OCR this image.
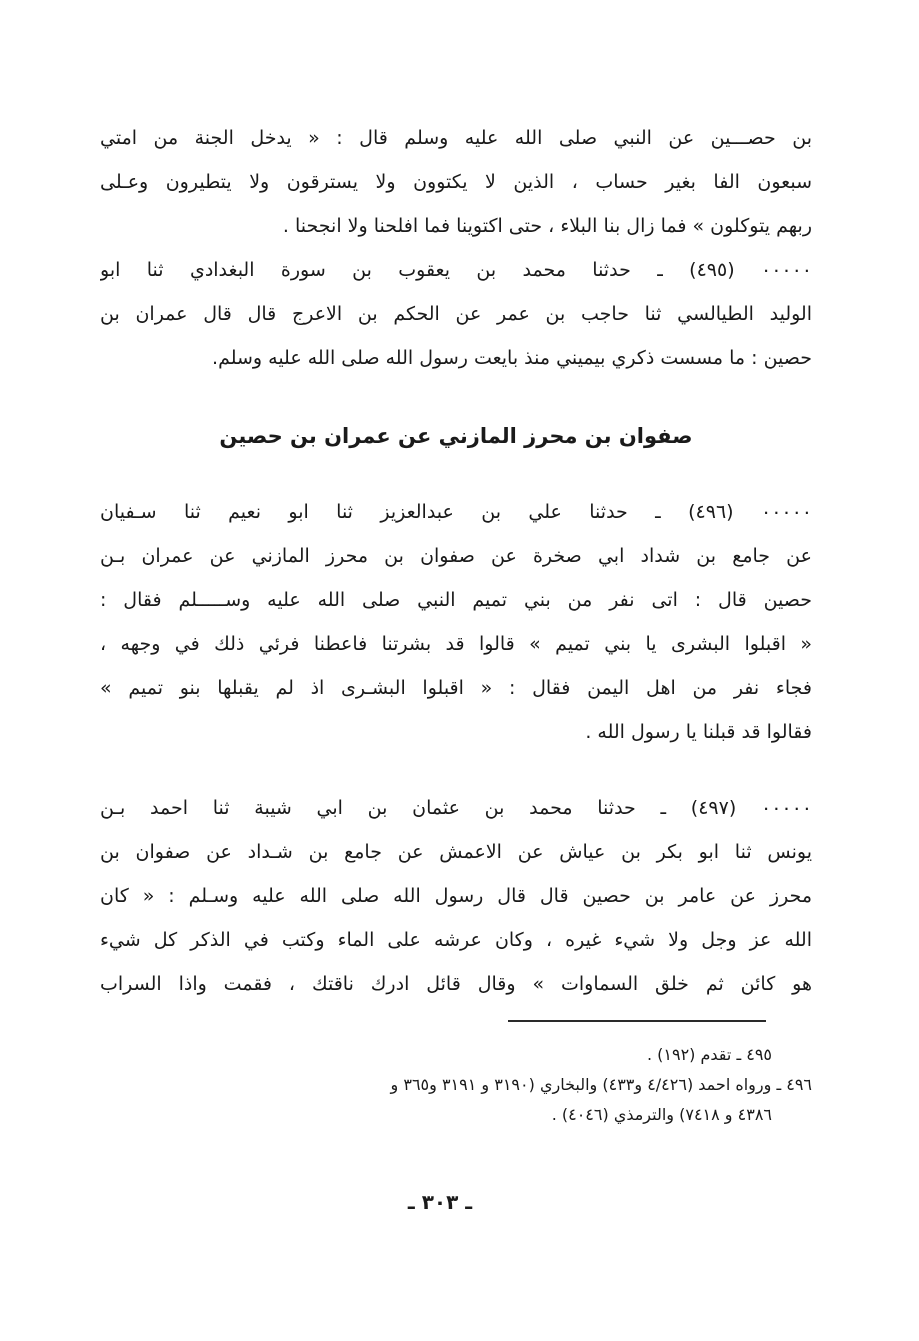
بن حصـــين عن النبي صلى الله عليه وسلم قال : « يدخل الجنة من امتي
سبعون الفا بغير حساب ، الذين لا يكتوون ولا يسترقون ولا يتطيرون وعـلى
ربهم يتوكلون » فما زال بنا البلاء ، حتى اكتوينا فما افلحنا ولا انجحنا .
٠٠٠٠٠ (٤٩٥) ـ حدثنا محمد بن يعقوب بن سورة البغدادي ثنا ابو
الوليد الطيالسي ثنا حاجب بن عمر عن الحكم بن الاعرج قال قال عمران بن
حصين : ما مسست ذكري بيميني منذ بايعت رسول الله صلى الله عليه وسلم.
صفوان بن محرز المازني عن عمران بن حصين
٠٠٠٠٠ (٤٩٦) ـ حدثنا علي بن عبدالعزيز ثنا ابو نعيم ثنا سـفيان
عن جامع بن شداد ابي صخرة عن صفوان بن محرز المازني عن عمران بـن
حصين قال : اتى نفر من بني تميم النبي صلى الله عليه وســـــلم فقال :
« اقبلوا البشرى يا بني تميم » قالوا قد بشرتنا فاعطنا فرئي ذلك في وجهه ،
فجاء نفر من اهل اليمن فقال : « اقبلوا البشـرى اذ لم يقبلها بنو تميم »
فقالوا قد قبلنا يا رسول الله .
٠٠٠٠٠ (٤٩٧) ـ حدثنا محمد بن عثمان بن ابي شيبة ثنا احمد بـن
يونس ثنا ابو بكر بن عياش عن الاعمش عن جامع بن شـداد عن صفوان بن
محرز عن عامر بن حصين قال قال رسول الله صلى الله عليه وسـلم : « كان
الله عز وجل ولا شيء غيره ، وكان عرشه على الماء وكتب في الذكر كل شيء
هو كائن ثم خلق السماوات » وقال قائل ادرك ناقتك ، فقمت واذا السراب
٤٩٥ ـ تقدم (١٩٢) .
٤٩٦ ـ ورواه احمد (٤/٤٢٦ و٤٣٣) والبخاري (٣١٩٠ و ٣١٩١ و٣٦٥ و
٤٣٨٦ و ٧٤١٨) والترمذي (٤٠٤٦) .
ـ ٣٠٣ ـ
